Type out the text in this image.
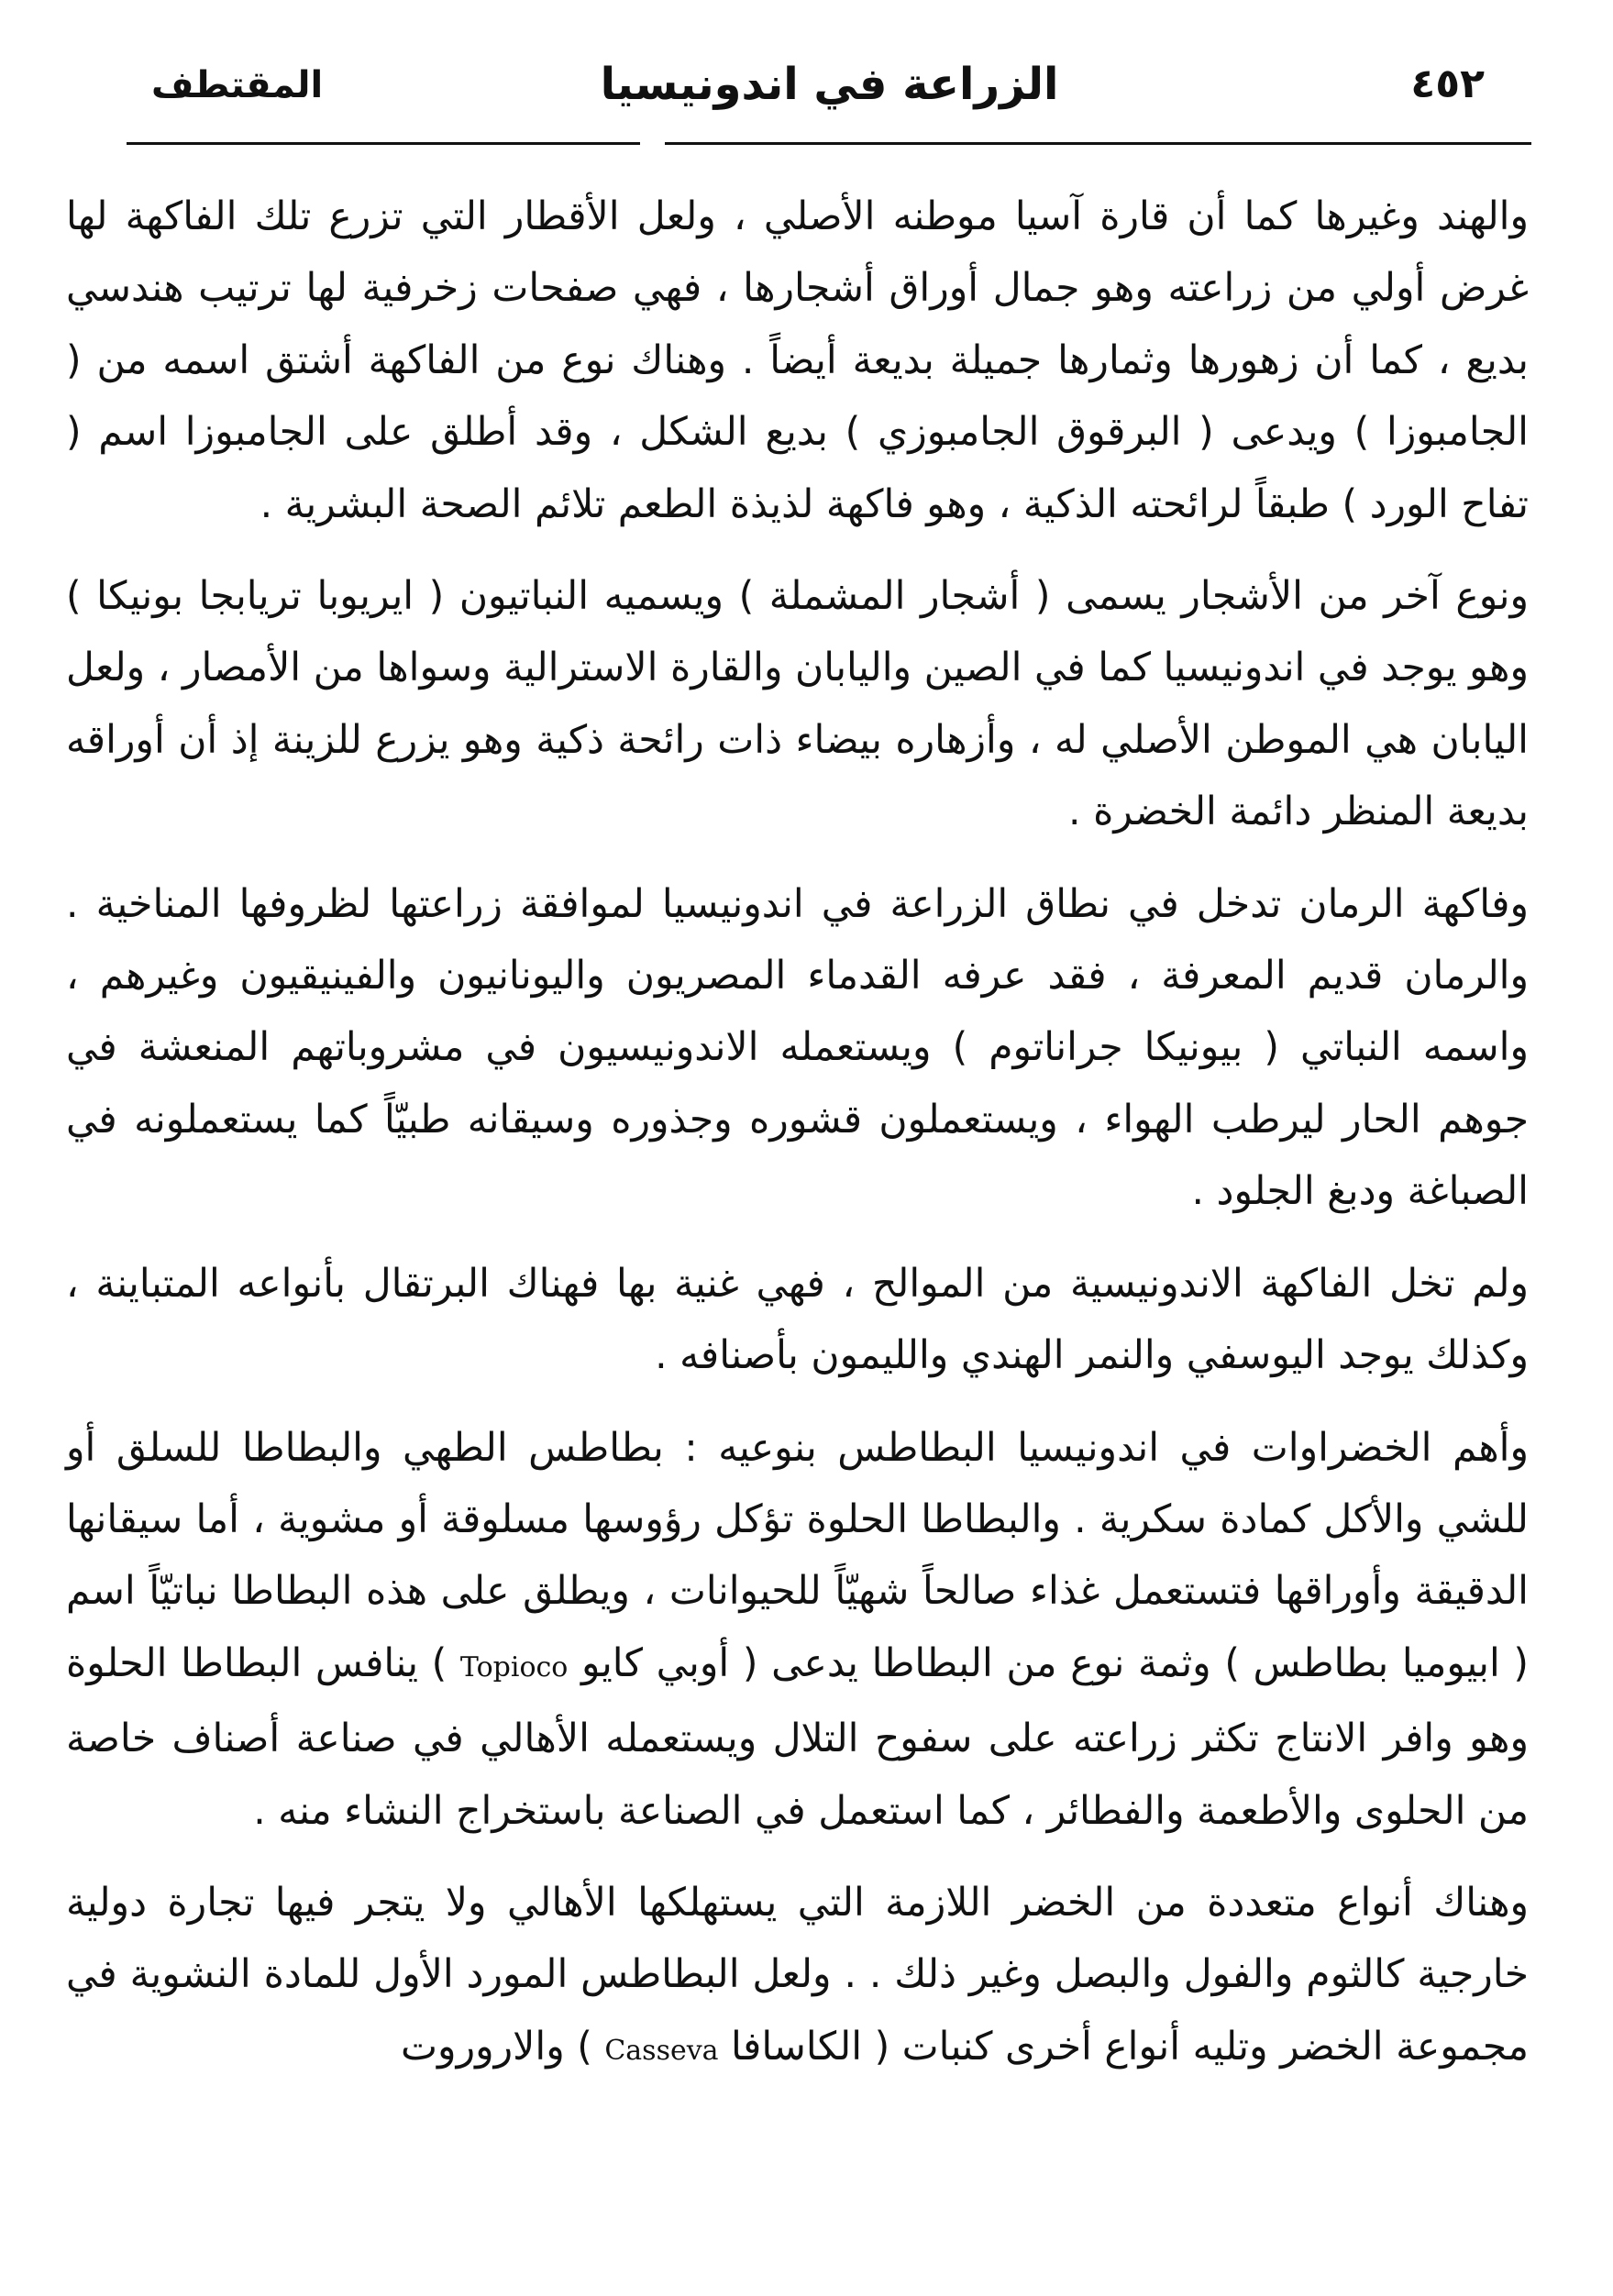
المقتطف	الزراعة في اندونيسيا	٤٥٢

والهند وغيرها كما أن قارة آسيا موطنه الأصلي ، ولعل الأقطار التي تزرع تلك الفاكهة لها غرض أولي من زراعته وهو جمال أوراق أشجارها ، فهي صفحات زخرفية لها ترتيب هندسي بديع ، كما أن زهورها وثمارها جميلة بديعة أيضاً . وهناك نوع من الفاكهة أشتق اسمه من ( الجامبوزا ) ويدعى ( البرقوق الجامبوزي ) بديع الشكل ، وقد أطلق على الجامبوزا اسم ( تفاح الورد ) طبقاً لرائحته الذكية ، وهو فاكهة لذيذة الطعم تلائم الصحة البشرية .

ونوع آخر من الأشجار يسمى ( أشجار المشملة ) ويسميه النباتيون ( ايريوبا تريابجا بونيكا ) وهو يوجد في اندونيسيا كما في الصين واليابان والقارة الاسترالية وسواها من الأمصار ، ولعل اليابان هي الموطن الأصلي له ، وأزهاره بيضاء ذات رائحة ذكية وهو يزرع للزينة إذ أن أوراقه بديعة المنظر دائمة الخضرة .

وفاكهة الرمان تدخل في نطاق الزراعة في اندونيسيا لموافقة زراعتها لظروفها المناخية . والرمان قديم المعرفة ، فقد عرفه القدماء المصريون واليونانيون والفينيقيون وغيرهم ، واسمه النباتي ( بيونيكا جراناتوم ) ويستعمله الاندونيسيون في مشروباتهم المنعشة في جوهم الحار ليرطب الهواء ، ويستعملون قشوره وجذوره وسيقانه طبيّاً كما يستعملونه في الصباغة ودبغ الجلود .

ولم تخل الفاكهة الاندونيسية من الموالح ، فهي غنية بها فهناك البرتقال بأنواعه المتباينة ، وكذلك يوجد اليوسفي والنمر الهندي والليمون بأصنافه .

وأهم الخضراوات في اندونيسيا البطاطس بنوعيه : بطاطس الطهي والبطاطا للسلق أو للشي والأكل كمادة سكرية . والبطاطا الحلوة تؤكل رؤوسها مسلوقة أو مشوية ، أما سيقانها الدقيقة وأوراقها فتستعمل غذاء صالحاً شهيّاً للحيوانات ، ويطلق على هذه البطاطا نباتيّاً اسم ( ابيوميا بطاطس ) وثمة نوع من البطاطا يدعى ( أوبي كايو Topioco ) ينافس البطاطا الحلوة وهو وافر الانتاج تكثر زراعته على سفوح التلال ويستعمله الأهالي في صناعة أصناف خاصة من الحلوى والأطعمة والفطائر ، كما استعمل في الصناعة باستخراج النشاء منه .

وهناك أنواع متعددة من الخضر اللازمة التي يستهلكها الأهالي ولا يتجر فيها تجارة دولية خارجية كالثوم والفول والبصل وغير ذلك . . ولعل البطاطس المورد الأول للمادة النشوية في مجموعة الخضر وتليه أنواع أخرى كنبات ( الكاسافا Casseva ) والاروروت
